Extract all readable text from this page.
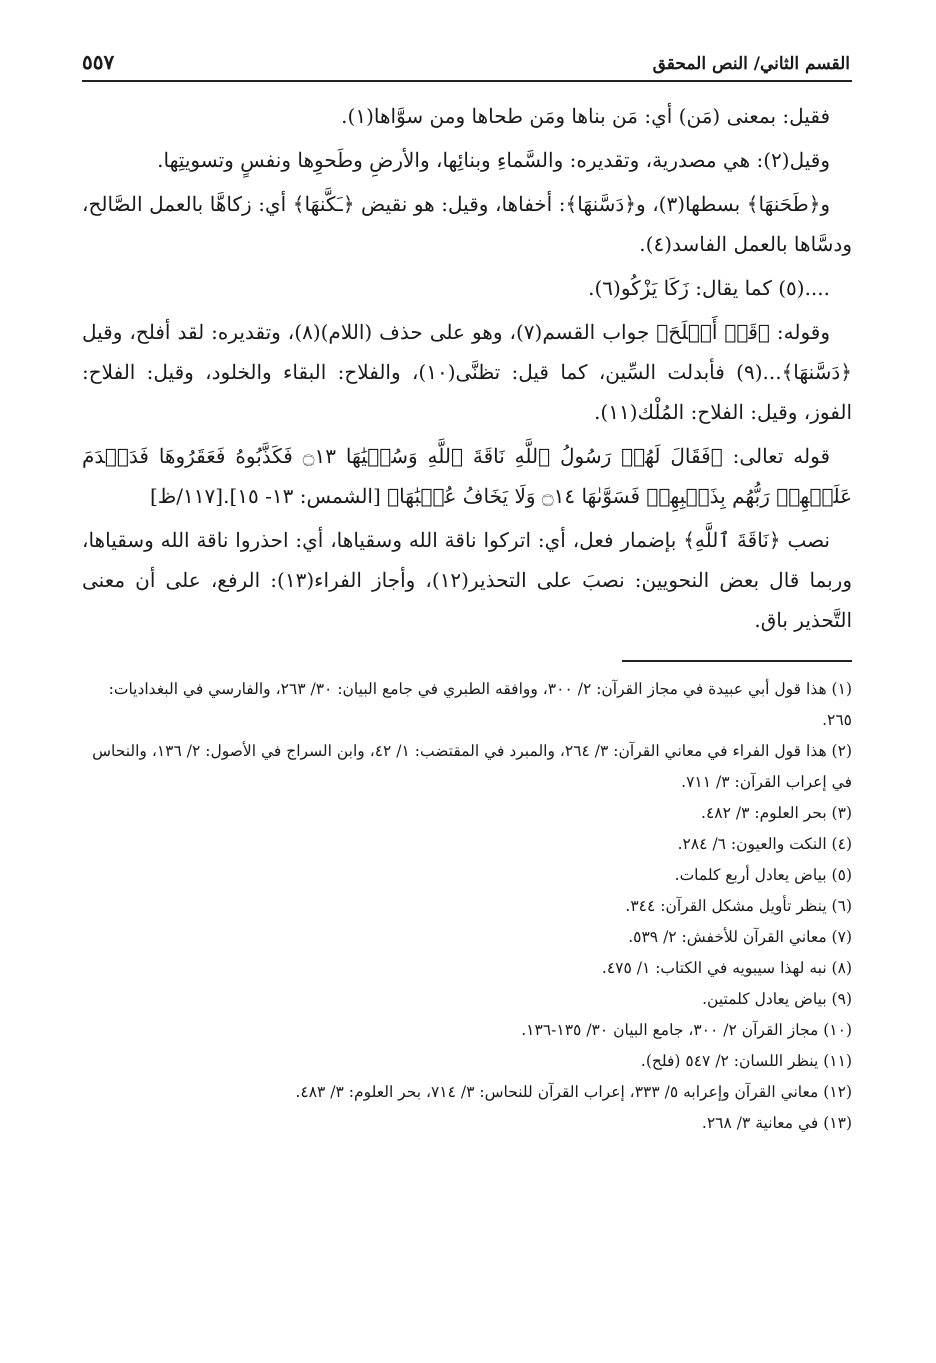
القسم الثاني/ النص المحقق
٥٥٧

فقيل: بمعنى (مَن) أي: مَن بناها ومَن طحاها ومن سوَّاها(١).

وقيل(٢): هي مصدرية، وتقديره: والسَّماءِ وبنائِها، والأرضِ وطَحوِها ونفسٍ وتسويتِها.

و﴿طَحَنهَا﴾ بسطها(٣)، و﴿دَسَّنهَا﴾: أخفاها، وقيل: هو نقيض ﴿ـَكَّنهَا﴾ أي: زكاهَّا بالعمل الصَّالح، ودسَّاها بالعمل الفاسد(٤).

....(٥) كما يقال: زَكَا يَزْكُو(٦).

وقوله: ﴿قَدۡ أَفۡلَحَ﴾ جواب القسم(٧)، وهو على حذف (اللام)(٨)، وتقديره: لقد أفلح، وقيل ﴿دَسَّنهَا﴾...(٩) فأبدلت السِّين، كما قيل: تظنَّى(١٠)، والفلاح: البقاء والخلود، وقيل: الفلاح: الفوز، وقيل: الفلاح: المُلْك(١١).

قوله تعالى: ﴿فَقَالَ لَهُمۡ رَسُولُ ٱللَّهِ نَاقَةَ ٱللَّهِ وَسُقۡيَٰهَا ۝١٣ فَكَذَّبُوهُ فَعَقَرُوهَا فَدَمۡدَمَ عَلَيۡهِمۡ رَبُّهُم بِذَنۢبِهِمۡ فَسَوَّىٰهَا ۝١٤ وَلَا يَخَافُ عُقۡبَٰهَا﴾ [الشمس: ١٣- ١٥].[١١٧/ظ]

نصب ﴿نَاقَةَ ٱللَّهِ﴾ بإضمار فعل، أي: اتركوا ناقة الله وسقياها، أي: احذروا ناقة الله وسقياها، وربما قال بعض النحويين: نصبَ على التحذير(١٢)، وأجاز الفراء(١٣): الرفع، على أن معنى التَّحذير باق.

(١) هذا قول أبي عبيدة في مجاز القرآن: ٢/ ٣٠٠، ووافقه الطبري في جامع البيان: ٣٠/ ٢٦٣، والفارسي في البغداديات: ٢٦٥.

(٢) هذا قول الفراء في معاني القرآن: ٣/ ٢٦٤، والمبرد في المقتضب: ١/ ٤٢، وابن السراج في الأصول: ٢/ ١٣٦، والنحاس في إعراب القرآن: ٣/ ٧١١.

(٣) بحر العلوم: ٣/ ٤٨٢.

(٤) النكت والعيون: ٦/ ٢٨٤.

(٥) بياض يعادل أربع كلمات.

(٦) ينظر تأويل مشكل القرآن: ٣٤٤.

(٧) معاني القرآن للأخفش: ٢/ ٥٣٩.

(٨) نبه لهذا سيبويه في الكتاب: ١/ ٤٧٥.

(٩) بياض يعادل كلمتين.

(١٠) مجاز القرآن ٢/ ٣٠٠، جامع البيان ٣٠/ ١٣٥-١٣٦.

(١١) ينظر اللسان: ٢/ ٥٤٧ (فلح).

(١٢) معاني القرآن وإعرابه ٥/ ٣٣٣، إعراب القرآن للنحاس: ٣/ ٧١٤، بحر العلوم: ٣/ ٤٨٣.

(١٣) في معانية ٣/ ٢٦٨.
